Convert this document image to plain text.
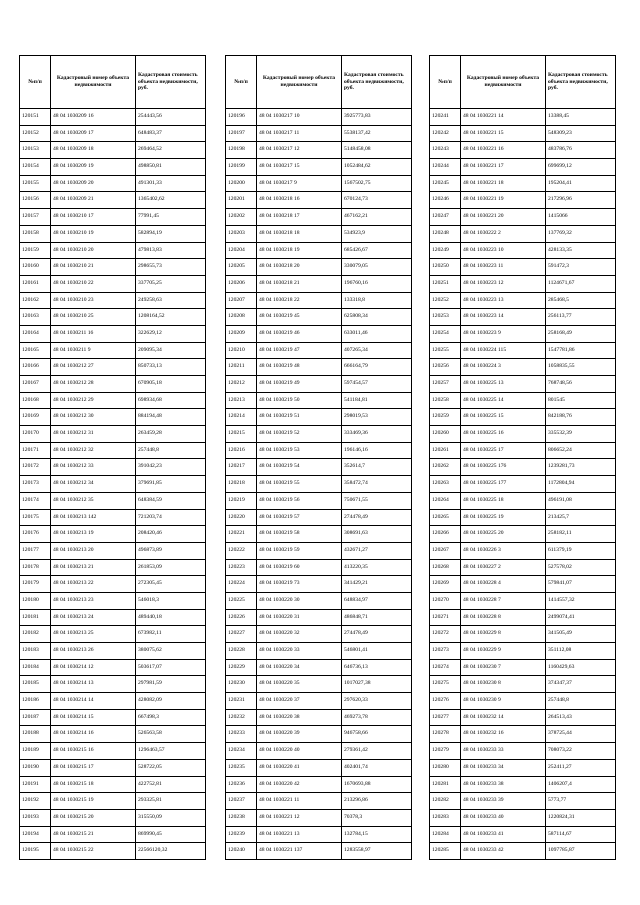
№п/п	Кадастровый номер объекта недвижимости	Кадастровая стоимость объекта недвижимости, руб.
120151	48 04 1030209 16	254443,56
120152	48 04 1030209 17	648483,37
120153	48 04 1030209 18	269464,52
120154	48 04 1030209 19	498850,81
120155	48 04 1030209 20	491301,33
120156	48 04 1030209 21	1365402,62
120157	48 04 1030210 17	77991,45
120158	48 04 1030210 19	582894,19
120159	48 04 1030210 20	479813,83
120160	48 04 1030210 21	298655,73
120161	48 04 1030210 22	337705,25
120162	48 04 1030210 23	249258,63
120163	48 04 1030210 25	1208164,52
120164	48 04 1030211 16	322629,12
120165	48 04 1030211 9	209095,34
120166	48 04 1030212 27	850733,13
120167	48 04 1030212 28	670905,18
120168	48 04 1030212 29	698934,68
120169	48 04 1030212 30	884194,48
120170	48 04 1030212 31	263459,28
120171	48 04 1030212 32	257448,8
120172	48 04 1030212 33	391042,23
120173	48 04 1030212 34	379691,85
120174	48 04 1030212 35	648384,59
120175	48 04 1030213 142	721203,74
120176	48 04 1030213 19	208420,46
120177	48 04 1030213 20	496873,89
120178	48 04 1030213 21	261853,09
120179	48 04 1030213 22	272305,45
120180	48 04 1030213 23	546018,3
120181	48 04 1030213 24	489440,18
120182	48 04 1030213 25	673982,11
120183	48 04 1030213 26	380075,62
120184	48 04 1030214 12	503617,07
120185	48 04 1030214 13	297981,59
120186	48 04 1030214 14	428082,09
120187	48 04 1030214 15	667498,3
120188	48 04 1030214 16	526563,58
120189	48 04 1030215 16	1296463,57
120190	48 04 1030215 17	528722,05
120191	48 04 1030215 18	422752,81
120192	48 04 1030215 19	293325,81
120193	48 04 1030215 20	315550,09
120194	48 04 1030215 21	869990,45
120195	48 04 1030215 22	22566120,32
№п/п	Кадастровый номер объекта недвижимости	Кадастровая стоимость объекта недвижимости, руб.
120196	48 04 1030217 10	3925773,83
120197	48 04 1030217 11	5538137,42
120198	48 04 1030217 12	5148458,08
120199	48 04 1030217 15	1052484,62
120200	48 04 1030217 9	1567502,75
120201	48 04 1030218 16	670124,73
120202	48 04 1030218 17	467162,21
120203	48 04 1030218 18	534923,9
120204	48 04 1030218 19	685426,67
120205	48 04 1030218 20	330079,05
120206	48 04 1030218 21	196760,16
120207	48 04 1030218 22	133318,8
120208	48 04 1030219 45	625808,34
120209	48 04 1030219 46	633011,46
120210	48 04 1030219 47	407265,34
120211	48 04 1030219 48	666164,79
120212	48 04 1030219 49	597454,57
120213	48 04 1030219 50	541184,81
120214	48 04 1030219 51	298019,53
120215	48 04 1030219 52	333469,36
120216	48 04 1030219 53	196146,16
120217	48 04 1030219 54	352614,7
120218	48 04 1030219 55	358472,74
120219	48 04 1030219 56	750671,55
120220	48 04 1030219 57	274478,49
120221	48 04 1030219 58	308691,63
120222	48 04 1030219 59	432671,27
120223	48 04 1030219 60	413220,35
120224	48 04 1030219 73	341429,21
120225	48 04 1030220 30	648834,97
120226	48 04 1030220 31	486848,71
120227	48 04 1030220 32	274478,49
120228	48 04 1030220 33	546801,41
120229	48 04 1030220 34	646736,13
120230	48 04 1030220 35	1017027,38
120231	48 04 1030220 37	297620,33
120232	48 04 1030220 38	469273,78
120233	48 04 1030220 39	946758,66
120234	48 04 1030220 40	279361,42
120235	48 04 1030220 41	402401,74
120236	48 04 1030220 42	1670693,88
120237	48 04 1030221 11	213296,86
120238	48 04 1030221 12	70378,3
120239	48 04 1030221 13	132784,15
120240	48 04 1030221 137	1283558,97
№п/п	Кадастровый номер объекта недвижимости	Кадастровая стоимость объекта недвижимости, руб.
120241	48 04 1030221 14	13388,45
120242	48 04 1030221 15	548309,23
120243	48 04 1030221 16	483786,76
120244	48 04 1030221 17	699699,12
120245	48 04 1030221 18	195204,41
120246	48 04 1030221 19	217296,96
120247	48 04 1030221 20	1415066
120248	48 04 1030222 2	137769,32
120249	48 04 1030223 10	428133,35
120250	48 04 1030223 11	591472,3
120251	48 04 1030223 12	1124671,67
120252	48 04 1030223 13	285468,5
120253	48 04 1030223 14	256113,77
120254	48 04 1030223 9	258168,49
120255	48 04 1030224 115	1547781,86
120256	48 04 1030224 3	1058835,55
120257	48 04 1030225 13	768748,56
120258	48 04 1030225 14	801545
120259	48 04 1030225 15	842188,76
120260	48 04 1030225 16	335532,39
120261	48 04 1030225 17	806652,24
120262	48 04 1030225 176	1239281,73
120263	48 04 1030225 177	1172804,94
120264	48 04 1030225 18	496191,08
120265	48 04 1030225 19	213425,7
120266	48 04 1030225 20	258182,11
120267	48 04 1030226 3	611379,19
120268	48 04 1030227 2	527578,02
120269	48 04 1030228 4	579841,07
120270	48 04 1030228 7	1414557,32
120271	48 04 1030228 8	2499074,41
120272	48 04 1030229 8	341505,49
120273	48 04 1030229 9	351112,08
120274	48 04 1030230 7	1160429,63
120275	48 04 1030230 8	374347,37
120276	48 04 1030230 9	257448,8
120277	48 04 1030232 14	264513,43
120278	48 04 1030232 16	378725,44
120279	48 04 1030233 33	708073,22
120280	48 04 1030233 34	252411,27
120281	48 04 1030233 38	1406207,4
120282	48 04 1030233 39	5773,77
120283	48 04 1030233 40	1220824,31
120284	48 04 1030233 41	587114,67
120285	48 04 1030233 42	1097785,87
